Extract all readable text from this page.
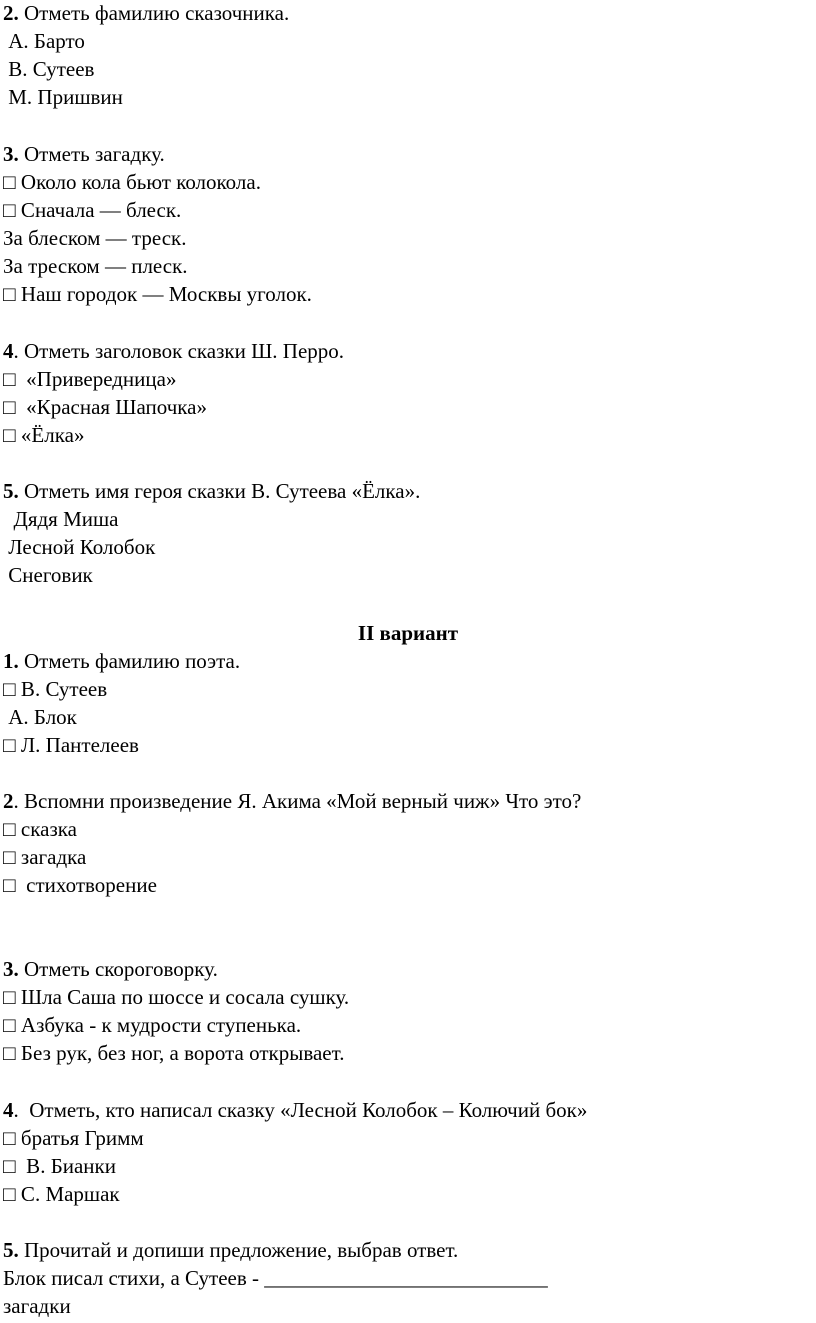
2. Отметь фамилию сказочника.
А. Барто
В. Сутеев
М. Пришвин
3. Отметь загадку.
□ Около кола бьют колокола.
□ Сначала — блеск.
За блеском — треск.
За треском — плеск.
□ Наш городок — Москвы уголок.
4. Отметь заголовок сказки Ш. Перро.
□  «Привередница»
□  «Красная Шапочка»
□ «Ёлка»
5. Отметь имя героя сказки В. Сутеева «Ёлка».
Дядя Миша
Лесной Колобок
Снеговик
II вариант
1. Отметь фамилию поэта.
□ В. Сутеев
А. Блок
□ Л. Пантелеев
2. Вспомни произведение Я. Акима «Мой верный чиж» Что это?
□ сказка
□ загадка
□  стихотворение
3. Отметь скороговорку.
□ Шла Саша по шоссе и сосала сушку.
□ Азбука - к мудрости ступенька.
□ Без рук, без ног, а ворота открывает.
4.  Отметь, кто написал сказку «Лесной Колобок – Колючий бок»
□ братья Гримм
□  В. Бианки
□ С. Маршак
5. Прочитай и допиши предложение, выбрав ответ.
Блок писал стихи, а Сутеев - ___________________________
загадки
